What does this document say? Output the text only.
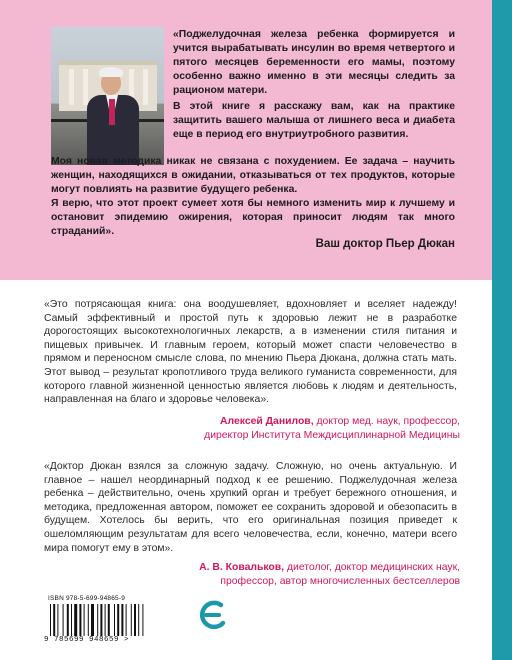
«Поджелудочная железа ребенка формируется и учится вырабатывать инсулин во время четвертого и пятого месяцев беременности его мамы, поэтому особенно важно именно в эти месяцы следить за рационом матери.

В этой книге я расскажу вам, как на практике защитить вашего малыша от лишнего веса и диабета еще в период его внутриутробного развития.

Моя новая методика никак не связана с похудением. Ее задача – научить женщин, находящихся в ожидании, отказываться от тех продуктов, которые могут повлиять на развитие будущего ребенка.

Я верю, что этот проект сумеет хотя бы немного изменить мир к лучшему и остановит эпидемию ожирения, которая приносит людям так много страданий».

Ваш доктор Пьер Дюкан

«Это потрясающая книга: она воодушевляет, вдохновляет и вселяет надежду! Самый эффективный и простой путь к здоровью лежит не в разработке дорогостоящих высокотехнологичных лекарств, а в изменении стиля питания и пищевых привычек. И главным героем, который может спасти человечество в прямом и переносном смысле слова, по мнению Пьера Дюкана, должна стать мать. Этот вывод – результат кропотливого труда великого гуманиста современности, для которого главной жизненной ценностью является любовь к людям и деятельность, направленная на благо и здоровье человека».

Алексей Данилов, доктор мед. наук, профессор,
директор Института Междисциплинарной Медицины

«Доктор Дюкан взялся за сложную задачу. Сложную, но очень актуальную. И главное – нашел неординарный подход к ее решению. Поджелудочная железа ребенка – действительно, очень хрупкий орган и требует бережного отношения, и методика, предложенная автором, поможет ее сохранить здоровой и обезопасить в будущем. Хотелось бы верить, что его оригинальная позиция приведет к ошеломляющим результатам для всего человечества, если, конечно, матери всего мира помогут ему в этом».

А. В. Ковальков, диетолог, доктор медицинских наук,
профессор, автор многочисленных бестселлеров
ISBN 978-5-699-94865-9
9 785699 948659 >
